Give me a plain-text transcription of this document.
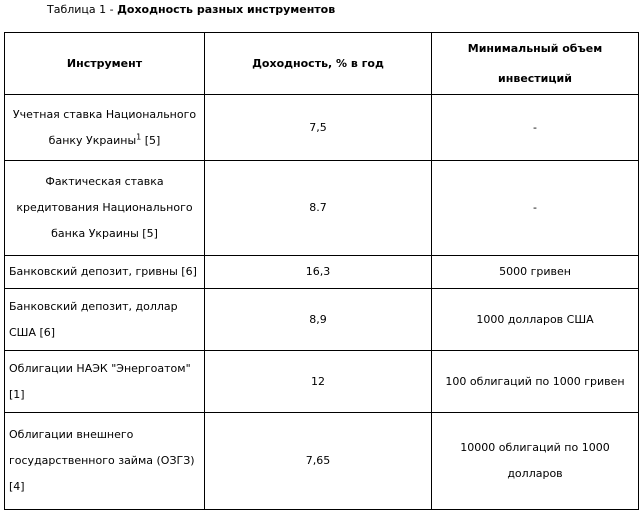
Таблица 1 - Доходность разных инструментов
Инструмент	Доходность, % в год	Минимальный объем инвестиций
Учетная ставка Национального банку Украины$^1$ [5]	7,5	-
Фактическая ставка кредитования Национального банка Украины [5]	8.7	-
Банковский депозит, гривны [6]	16,3	5000 гривен
Банковский депозит, доллар США [6]	8,9	1000 долларов США
Облигации НАЭК "Энергоатом" [1]	12	100 облигаций по 1000 гривен
Облигации внешнего государственного займа (ОЗГЗ) [4]	7,65	10000 облигаций по 1000 долларов
